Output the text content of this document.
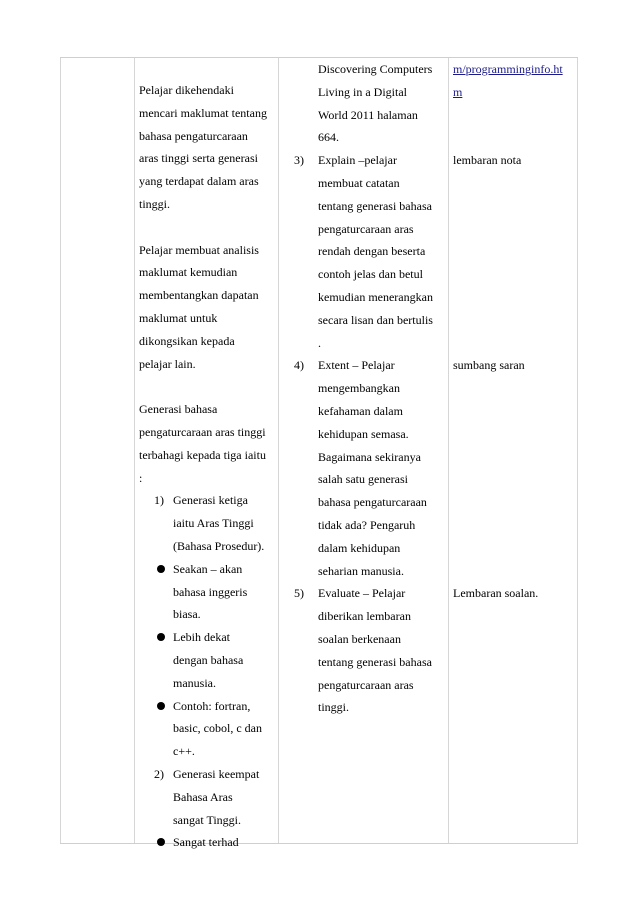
Pelajar dikehendaki
mencari maklumat tentang
bahasa pengaturcaraan
aras tinggi serta generasi
yang terdapat dalam aras
tinggi.

Pelajar membuat analisis
maklumat kemudian
membentangkan dapatan
maklumat untuk
dikongsikan kepada
pelajar lain.

Generasi bahasa
pengaturcaraan aras tinggi
terbahagi kepada tiga iaitu
:

1) Generasi ketiga
iaitu Aras Tinggi
(Bahasa Prosedur).
Seakan – akan
bahasa inggeris
biasa.
Lebih dekat
dengan bahasa
manusia.
Contoh: fortran,
basic, cobol, c dan
c++.
2) Generasi keempat
Bahasa Aras
sangat Tinggi.
Sangat terhad
Discovering Computers
Living in a Digital
World 2011 halaman
664.
3) Explain –pelajar
membuat catatan
tentang generasi bahasa
pengaturcaraan aras
rendah dengan beserta
contoh jelas dan betul
kemudian menerangkan
secara lisan dan bertulis
.
4) Extent – Pelajar
mengembangkan
kefahaman dalam
kehidupan semasa.
Bagaimana sekiranya
salah satu generasi
bahasa pengaturcaraan
tidak ada? Pengaruh
dalam kehidupan
seharian manusia.
5) Evaluate – Pelajar
diberikan lembaran
soalan berkenaan
tentang generasi bahasa
pengaturcaraan aras
tinggi.
m/programminginfo.ht
m
lembaran nota
sumbang saran
Lembaran soalan.
